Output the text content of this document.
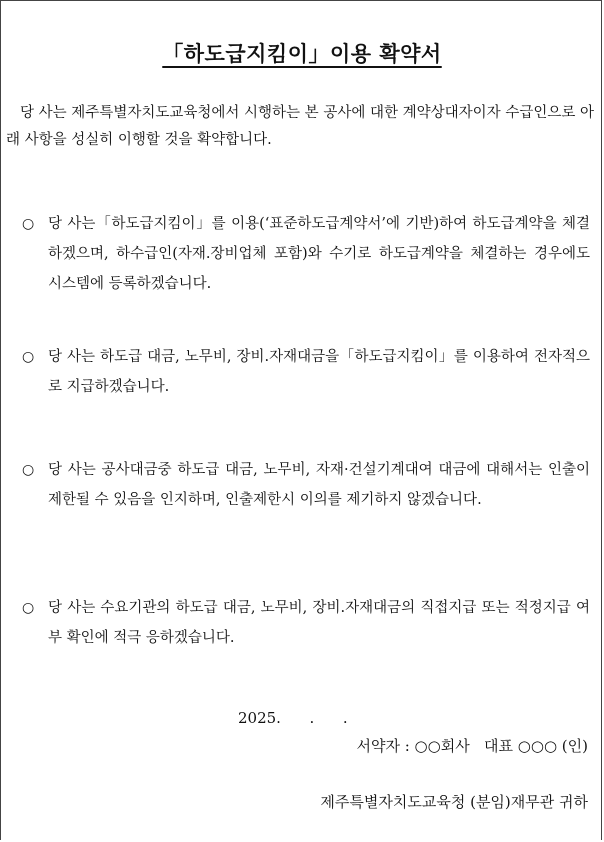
「하도급지킴이」이용 확약서
당 사는 제주특별자치도교육청에서 시행하는 본 공사에 대한 계약상대자이자 수급인으로 아래 사항을 성실히 이행할 것을 확약합니다.
○ 당 사는「하도급지킴이」를 이용(‘표준하도급계약서’에 기반)하여 하도급계약을 체결하겠으며, 하수급인(자재.장비업체 포함)와 수기로 하도급계약을 체결하는 경우에도 시스템에 등록하겠습니다.
○ 당 사는 하도급 대금, 노무비, 장비.자재대금을「하도급지킴이」를 이용하여 전자적으로 지급하겠습니다.
○ 당 사는 공사대금중 하도급 대금, 노무비, 자재·건설기계대여 대금에 대해서는 인출이 제한될 수 있음을 인지하며, 인출제한시 이의를 제기하지 않겠습니다.
○ 당 사는 수요기관의 하도급 대금, 노무비, 장비.자재대금의 직접지급 또는 적정지급 여부 확인에 적극 응하겠습니다.
2025.      .      .
서약자 : ○○회사   대표 ○○○ (인)
제주특별자치도교육청 (분임)재무관 귀하
